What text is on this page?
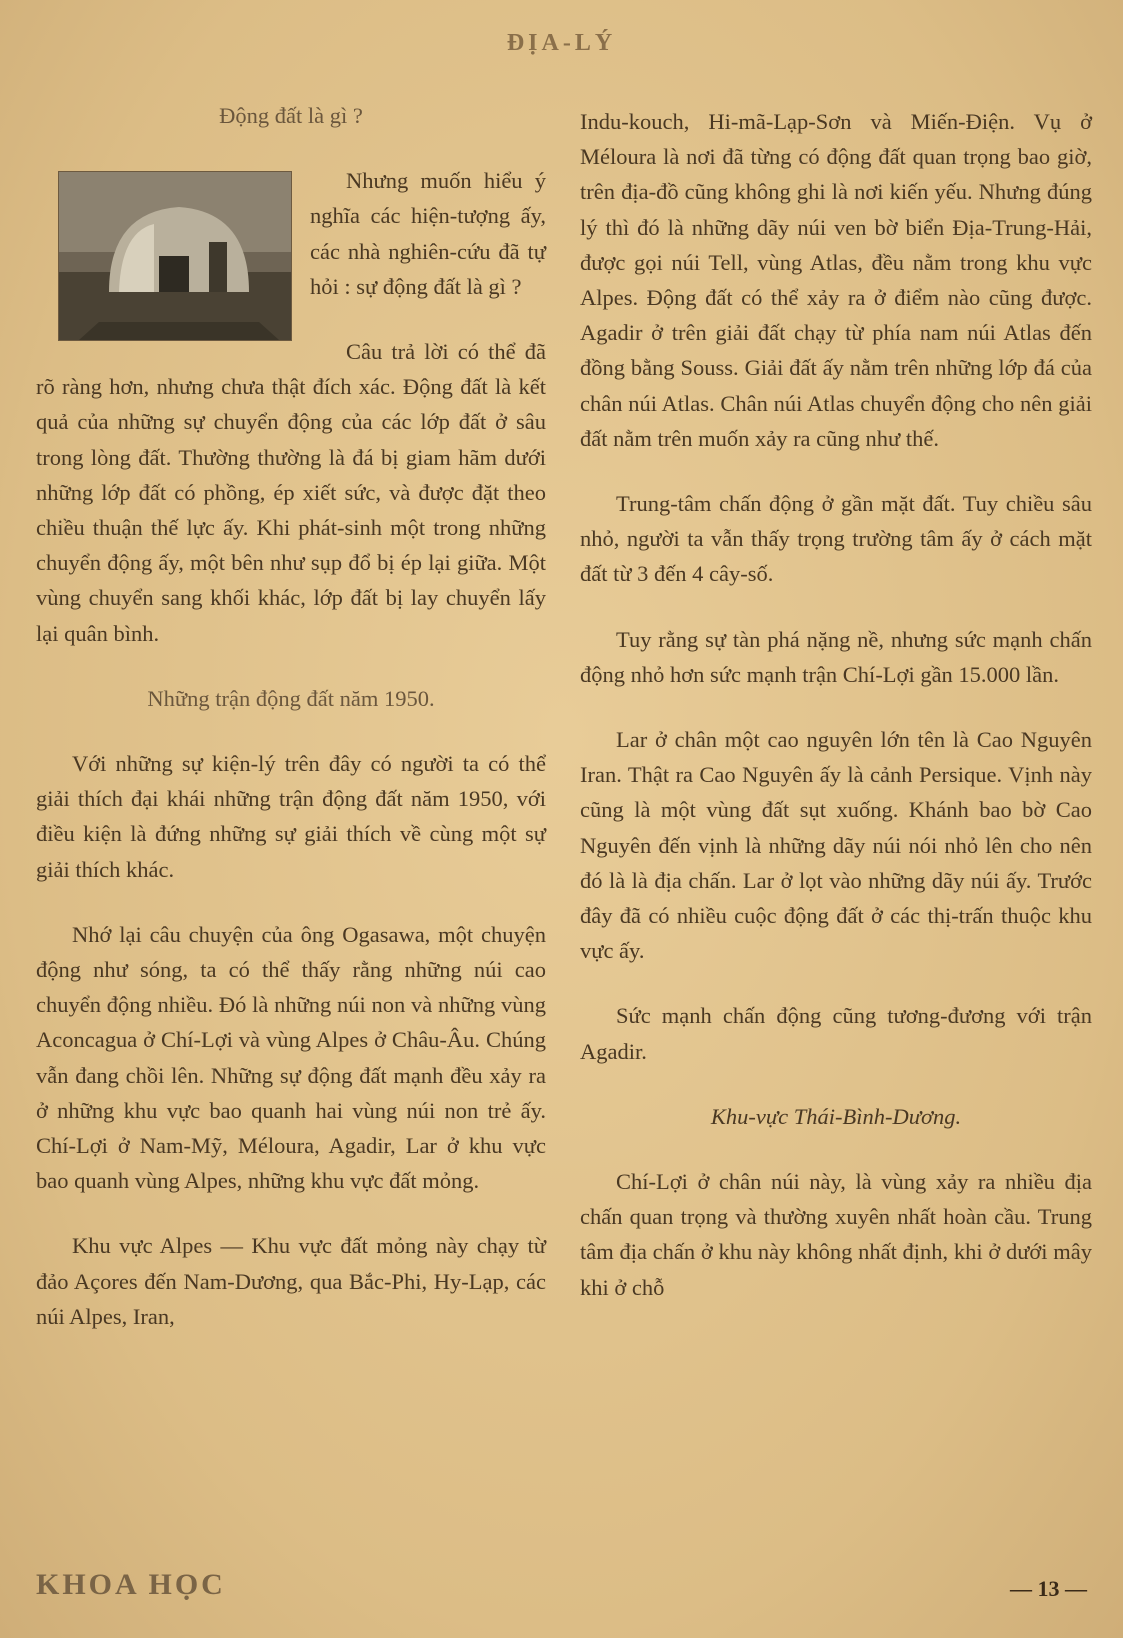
ĐỊA-LÝ

Động đất là gì ?

Nhưng muốn hiểu ý nghĩa các hiện-tượng ấy, các nhà nghiên-cứu đã tự hỏi : sự động đất là gì ?

Câu trả lời có thể đã rõ ràng hơn, nhưng chưa thật đích xác. Động đất là kết quả của những sự chuyển động của các lớp đất ở sâu trong lòng đất. Thường thường là đá bị giam hãm dưới những lớp đất có phồng, ép xiết sức, và được đặt theo chiều thuận thế lực ấy. Khi phát-sinh một trong những chuyển động ấy, một bên như sụp đổ bị ép lại giữa. Một vùng chuyển sang khối khác, lớp đất bị lay chuyển lấy lại quân bình.

Những trận động đất năm 1950.

Với những sự kiện-lý trên đây có người ta có thể giải thích đại khái những trận động đất năm 1950, với điều kiện là đứng những sự giải thích về cùng một sự giải thích khác.

Nhớ lại câu chuyện của ông Ogasawa, một chuyện động như sóng, ta có thể thấy rằng những núi cao chuyển động nhiều. Đó là những núi non và những vùng Aconcagua ở Chí-Lợi và vùng Alpes ở Châu-Âu. Chúng vẫn đang chồi lên. Những sự động đất mạnh đều xảy ra ở những khu vực bao quanh hai vùng núi non trẻ ấy. Chí-Lợi ở Nam-Mỹ, Méloura, Agadir, Lar ở khu vực bao quanh vùng Alpes, những khu vực đất mỏng.

Khu vực Alpes — Khu vực đất mỏng này chạy từ đảo Açores đến Nam-Dương, qua Bắc-Phi, Hy-Lạp, các núi Alpes, Iran,

Indu-kouch, Hi-mã-Lạp-Sơn và Miến-Điện. Vụ ở Méloura là nơi đã từng có động đất quan trọng bao giờ, trên địa-đồ cũng không ghi là nơi kiến yếu. Nhưng đúng lý thì đó là những dãy núi ven bờ biển Địa-Trung-Hải, được gọi núi Tell, vùng Atlas, đều nằm trong khu vực Alpes. Động đất có thể xảy ra ở điểm nào cũng được. Agadir ở trên giải đất chạy từ phía nam núi Atlas đến đồng bằng Souss. Giải đất ấy nằm trên những lớp đá của chân núi Atlas. Chân núi Atlas chuyển động cho nên giải đất nằm trên muốn xảy ra cũng như thế.

Trung-tâm chấn động ở gần mặt đất. Tuy chiều sâu nhỏ, người ta vẫn thấy trọng trường tâm ấy ở cách mặt đất từ 3 đến 4 cây-số.

Tuy rằng sự tàn phá nặng nề, nhưng sức mạnh chấn động nhỏ hơn sức mạnh trận Chí-Lợi gần 15.000 lần.

Lar ở chân một cao nguyên lớn tên là Cao Nguyên Iran. Thật ra Cao Nguyên ấy là cảnh Persique. Vịnh này cũng là một vùng đất sụt xuống. Khánh bao bờ Cao Nguyên đến vịnh là những dãy núi nói nhỏ lên cho nên đó là là địa chấn. Lar ở lọt vào những dãy núi ấy. Trước đây đã có nhiều cuộc động đất ở các thị-trấn thuộc khu vực ấy.

Sức mạnh chấn động cũng tương-đương với trận Agadir.

Khu-vực Thái-Bình-Dương.

Chí-Lợi ở chân núi này, là vùng xảy ra nhiều địa chấn quan trọng và thường xuyên nhất hoàn cầu. Trung tâm địa chấn ở khu này không nhất định, khi ở dưới mây khi ở chỗ

KHOA HỌC	— 13 —
